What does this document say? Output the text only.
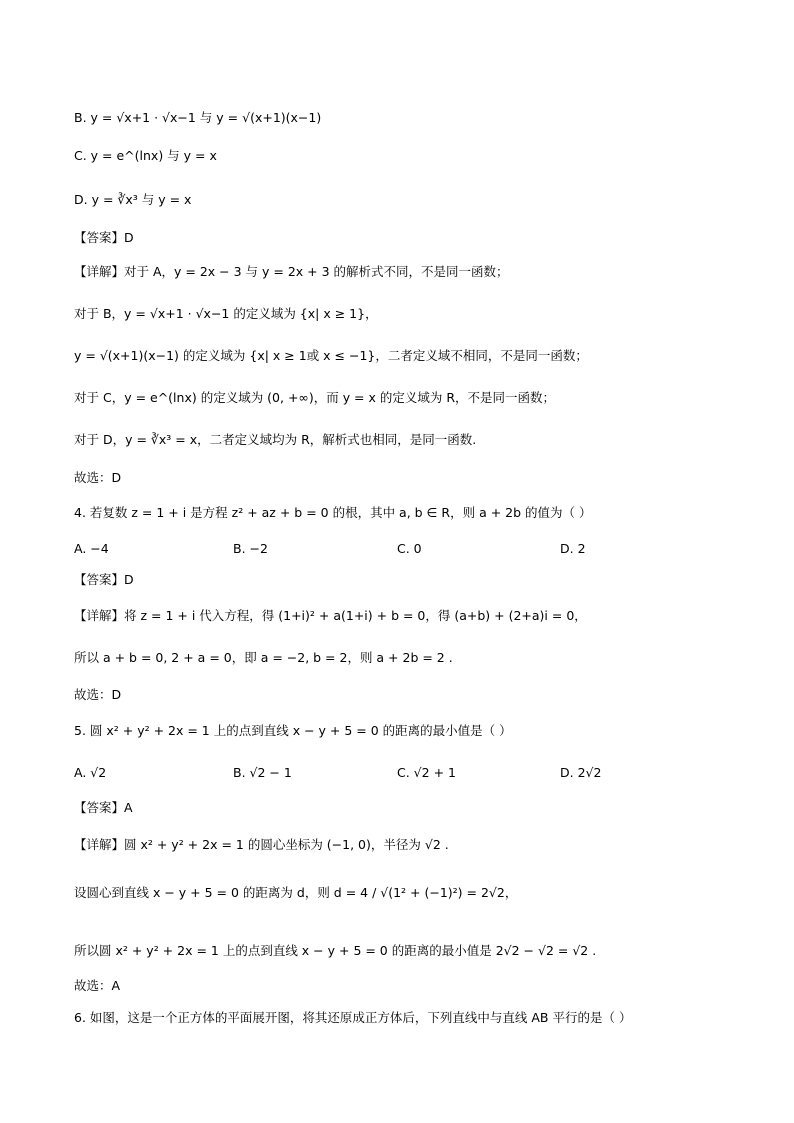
B. y = √x+1 · √x−1 与 y = √(x+1)(x−1)
C. y = e^(lnx) 与 y = x
D. y = ∛x³ 与 y = x
【答案】D
【详解】对于 A，y = 2x − 3 与 y = 2x + 3 的解析式不同，不是同一函数；
对于 B，y = √x+1 · √x−1 的定义域为 {x| x ≥ 1}，
y = √(x+1)(x−1) 的定义域为 {x| x ≥ 1或 x ≤ −1}，二者定义域不相同，不是同一函数；
对于 C，y = e^(lnx) 的定义域为 (0, +∞)，而 y = x 的定义域为 R，不是同一函数；
对于 D，y = ∛x³ = x，二者定义域均为 R，解析式也相同，是同一函数.
故选：D
4. 若复数 z = 1 + i 是方程 z² + az + b = 0 的根，其中 a, b ∈ R，则 a + 2b 的值为（ ）
A. −4	B. −2	C. 0	D. 2
【答案】D
【详解】将 z = 1 + i 代入方程，得 (1+i)² + a(1+i) + b = 0，得 (a+b) + (2+a)i = 0，
所以 a + b = 0, 2 + a = 0，即 a = −2, b = 2，则 a + 2b = 2 .
故选：D
5. 圆 x² + y² + 2x = 1 上的点到直线 x − y + 5 = 0 的距离的最小值是（ ）
A. √2	B. √2 − 1	C. √2 + 1	D. 2√2
【答案】A
【详解】圆 x² + y² + 2x = 1 的圆心坐标为 (−1, 0)，半径为 √2 .
设圆心到直线 x − y + 5 = 0 的距离为 d，则 d = 4 / √(1² + (−1)²) = 2√2，
所以圆 x² + y² + 2x = 1 上的点到直线 x − y + 5 = 0 的距离的最小值是 2√2 − √2 = √2 .
故选：A
6. 如图，这是一个正方体的平面展开图，将其还原成正方体后，下列直线中与直线 AB 平行的是（ ）
